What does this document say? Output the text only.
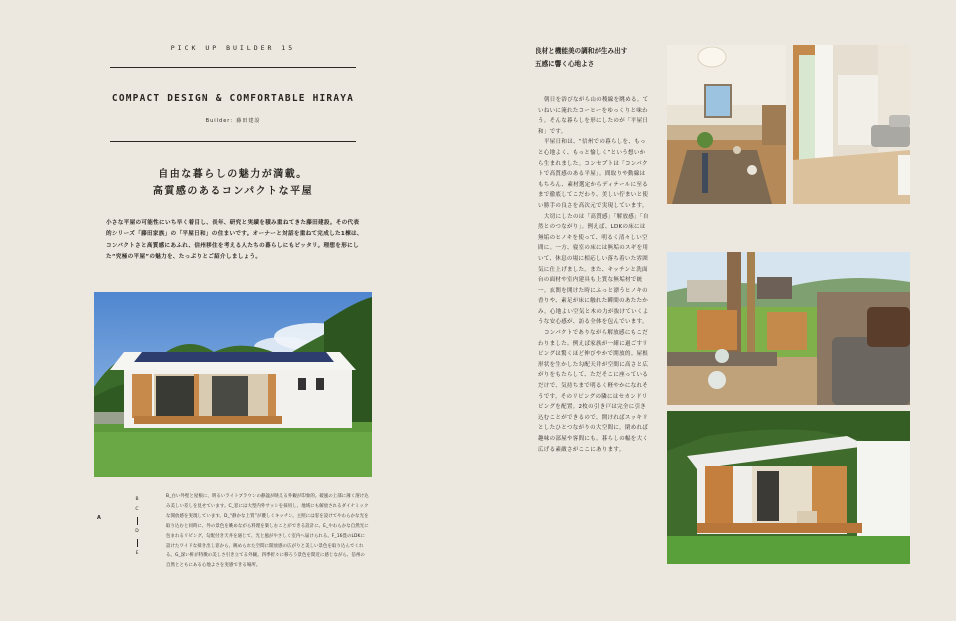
PICK UP BUILDER 15
COMPACT DESIGN & COMFORTABLE HIRAYA
Builder：藤田建設
自由な暮らしの魅力が満載。
高質感のあるコンパクトな平屋
小さな平屋の可能性にいち早く着目し、長年、研究と実績を積み重ねてきた藤田建設。その代表的シリーズ「藤田家族」の「平屋日和」の住まいです。オーナーと対話を重ねて完成した1棟は、コンパクトさと高質感にあふれ、信州移住を考える人たちの暮らしにもピッタリ。理想を形にした“究極の平屋”の魅力を、たっぷりとご紹介しましょう。
A
B
C
D
E
B_白い外壁と屋根に、明るいライトブラウンの静謐が映える外観が印象的。破風の上部に薄く溶け込み美しい差しを見せています。C_窓には大型内外サッシを採用し、地域にも解放されるダイナミックな開放感を実現しています。D_“静かな上質”が優しくキッチン。主照には窓を設けてやわらかな光を取り込むと同時に、外の景色を眺めながら料理を楽しむことができる設計に。E_やわらかな自然光に包まれるリビング。勾配付き天井を通じて、光と風がやさしく室内へ届けられる。F_16畳のLDKに設けたワイドな掃き出し窓から、眺められた空間に開放感の広がりと美しい景色を取り込んでくれる。G_深い軒が特徴の美しさ引き立てる外観。四季折々に移ろう景色を間近に感じながら、信州の自然とともにある心地よさを実感できる場所。
良材と機能美の調和が生み出す
五感に響く心地よさ

朝日を浴びながら山の稜線を眺める。ていねいに淹れたコーヒーをゆっくりと味わう。そんな暮らしを形にしたのが「平屋日和」です。

平屋日和は、“信州での暮らしを、もっと心地よく、もっと愉しく”という想いから生まれました。コンセプトは「コンパクトで高質感のある平屋」。間取りや動線はもちろん、素材選定からディテールに至るまで徹底してこだわり、美しい佇まいと使い勝手の良さを高次元で実現しています。

大切にしたのは「高質感」「解放感」「自然とのつながり」。例えば、LDKの床には無垢のヒノキを使って、明るく清々しい空間に。一方、寝室の床には無垢のスギを用いて、休息の場に相応しい落ち着いた雰囲気に仕上げました。また、キッチンと洗面台の面材や室内建具も上質な無垢材で統一。玄関を開けた時にふっと漂うヒノキの香りや、素足が床に触れた瞬間のあたたかみ。心地よい空気と木の力が抜けていくような安心感が、訪る全体を包んでいます。

コンパクトでありながら解放感にもこだわりました。例えば家族が一緒に過ごすリビングは驚くほど伸びやかで開放的。屋根形状を生かした勾配天井が空間に高さと広がりをもたらして、ただそこに座っているだけで、気持ちまで明るく軽やかになれそうです。そのリビングの隣にはセカンドリビングを配置。2枚の引き戸は完全に引き込むことができるので、開ければスッキリとしたひとつながりの大空間に。閉めれば趣味の部屋や客間にも。暮らしの幅を大く広げる素敵さがここにあります。
